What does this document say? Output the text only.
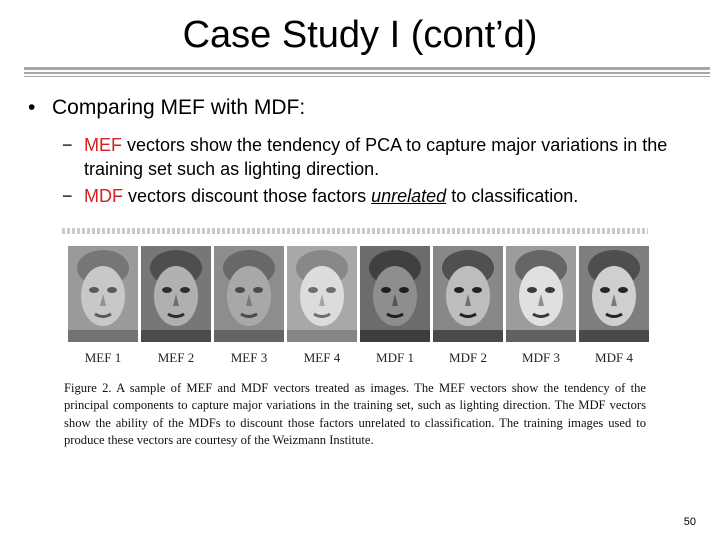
Case Study I (cont’d)
• Comparing MEF with MDF:
− MEF vectors show the tendency of PCA to capture major variations in the training set such as lighting direction.
− MDF vectors discount those factors unrelated to classification.
MEF 1	MEF 2	MEF 3	MEF 4	MDF 1	MDF 2	MDF 3	MDF 4
Figure 2. A sample of MEF and MDF vectors treated as images. The MEF vectors show the tendency of the principal components to capture major variations in the training set, such as lighting direction. The MDF vectors show the ability of the MDFs to discount those factors unrelated to classification. The training images used to produce these vectors are courtesy of the Weizmann Institute.
50
